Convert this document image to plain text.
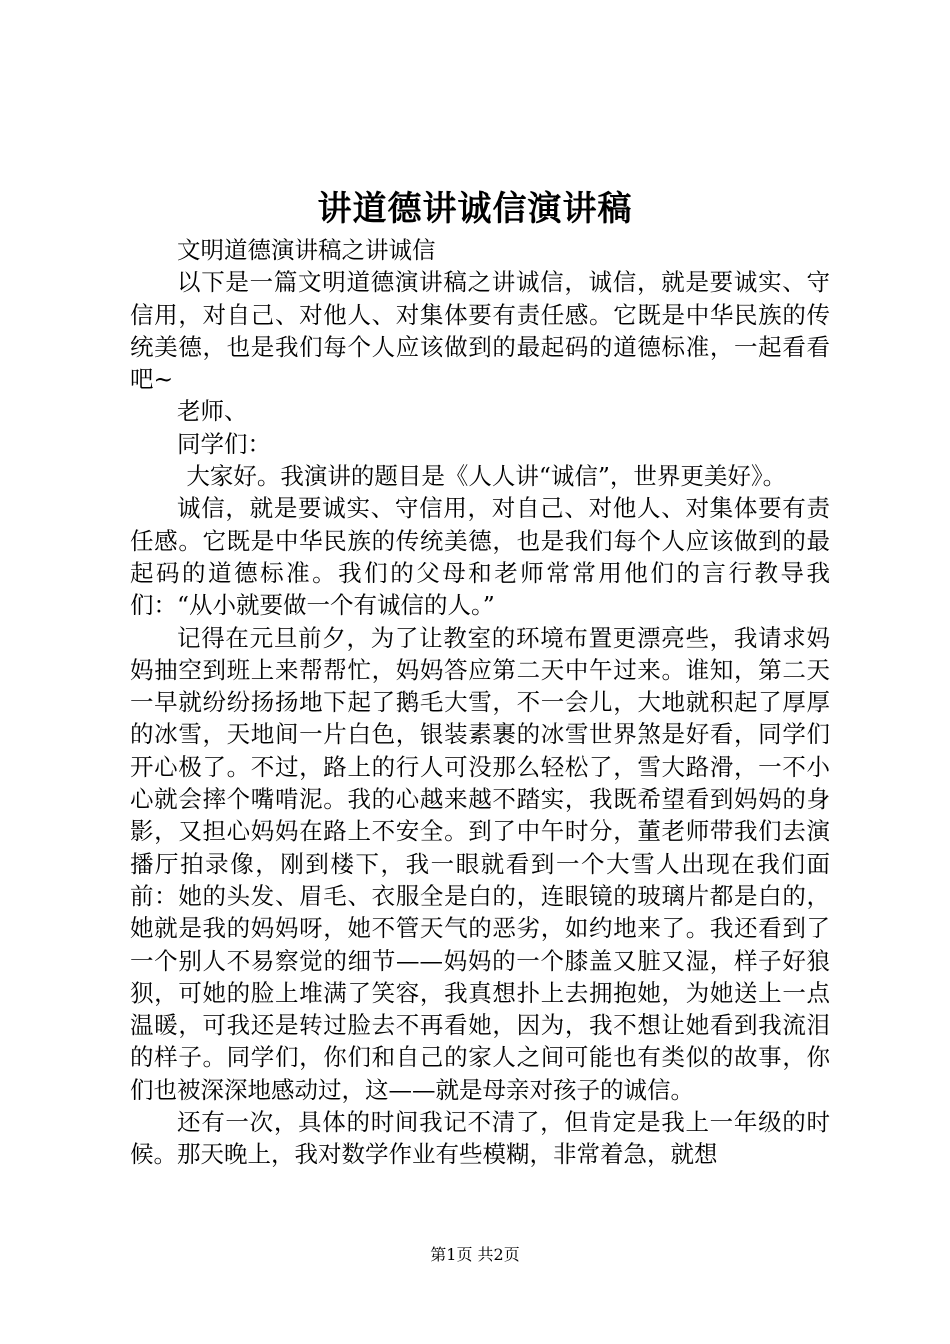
讲道德讲诚信演讲稿

文明道德演讲稿之讲诚信

以下是一篇文明道德演讲稿之讲诚信，诚信，就是要诚实、守信用，对自己、对他人、对集体要有责任感。它既是中华民族的传统美德，也是我们每个人应该做到的最起码的道德标准，一起看看吧~

老师、

同学们：

大家好。我演讲的题目是《人人讲“诚信”，世界更美好》。

诚信，就是要诚实、守信用，对自己、对他人、对集体要有责任感。它既是中华民族的传统美德，也是我们每个人应该做到的最起码的道德标准。我们的父母和老师常常用他们的言行教导我们：“从小就要做一个有诚信的人。”

记得在元旦前夕，为了让教室的环境布置更漂亮些，我请求妈妈抽空到班上来帮帮忙，妈妈答应第二天中午过来。谁知，第二天一早就纷纷扬扬地下起了鹅毛大雪，不一会儿，大地就积起了厚厚的冰雪，天地间一片白色，银装素裹的冰雪世界煞是好看，同学们开心极了。不过，路上的行人可没那么轻松了，雪大路滑，一不小心就会摔个嘴啃泥。我的心越来越不踏实，我既希望看到妈妈的身影，又担心妈妈在路上不安全。到了中午时分，董老师带我们去演播厅拍录像，刚到楼下，我一眼就看到一个大雪人出现在我们面前：她的头发、眉毛、衣服全是白的，连眼镜的玻璃片都是白的，她就是我的妈妈呀，她不管天气的恶劣，如约地来了。我还看到了一个别人不易察觉的细节——妈妈的一个膝盖又脏又湿，样子好狼狈，可她的脸上堆满了笑容，我真想扑上去拥抱她，为她送上一点温暖，可我还是转过脸去不再看她，因为，我不想让她看到我流泪的样子。同学们，你们和自己的家人之间可能也有类似的故事，你们也被深深地感动过，这——就是母亲对孩子的诚信。

还有一次，具体的时间我记不清了，但肯定是我上一年级的时候。那天晚上，我对数学作业有些模糊，非常着急，就想

第1页 共2页
